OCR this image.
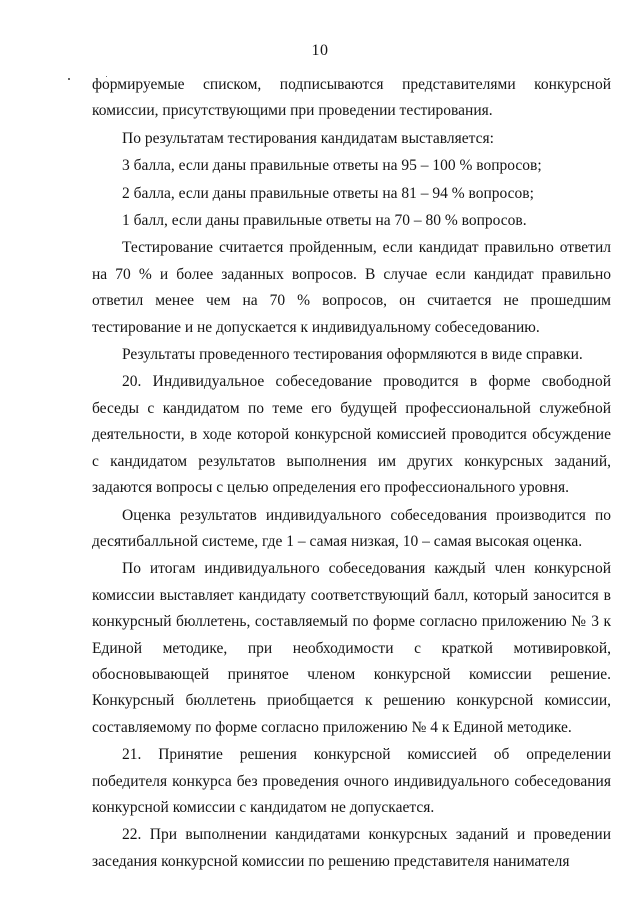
10

формируемые списком, подписываются представителями конкурсной комиссии, присутствующими при проведении тестирования.

По результатам тестирования кандидатам выставляется:

3 балла, если даны правильные ответы на 95 – 100 % вопросов;

2 балла, если даны правильные ответы на 81 – 94 % вопросов;

1 балл, если даны правильные ответы на 70 – 80 % вопросов.

Тестирование считается пройденным, если кандидат правильно ответил на 70 % и более заданных вопросов. В случае если кандидат правильно ответил менее чем на 70 % вопросов, он считается не прошедшим тестирование и не допускается к индивидуальному собеседованию.

Результаты проведенного тестирования оформляются в виде справки.

20. Индивидуальное собеседование проводится в форме свободной беседы с кандидатом по теме его будущей профессиональной служебной деятельности, в ходе которой конкурсной комиссией проводится обсуждение с кандидатом результатов выполнения им других конкурсных заданий, задаются вопросы с целью определения его профессионального уровня.

Оценка результатов индивидуального собеседования производится по десятибалльной системе, где 1 – самая низкая, 10 – самая высокая оценка.

По итогам индивидуального собеседования каждый член конкурсной комиссии выставляет кандидату соответствующий балл, который заносится в конкурсный бюллетень, составляемый по форме согласно приложению № 3 к Единой методике, при необходимости с краткой мотивировкой, обосновывающей принятое членом конкурсной комиссии решение. Конкурсный бюллетень приобщается к решению конкурсной комиссии, составляемому по форме согласно приложению № 4 к Единой методике.

21. Принятие решения конкурсной комиссией об определении победителя конкурса без проведения очного индивидуального собеседования конкурсной комиссии с кандидатом не допускается.

22. При выполнении кандидатами конкурсных заданий и проведении заседания конкурсной комиссии по решению представителя нанимателя
